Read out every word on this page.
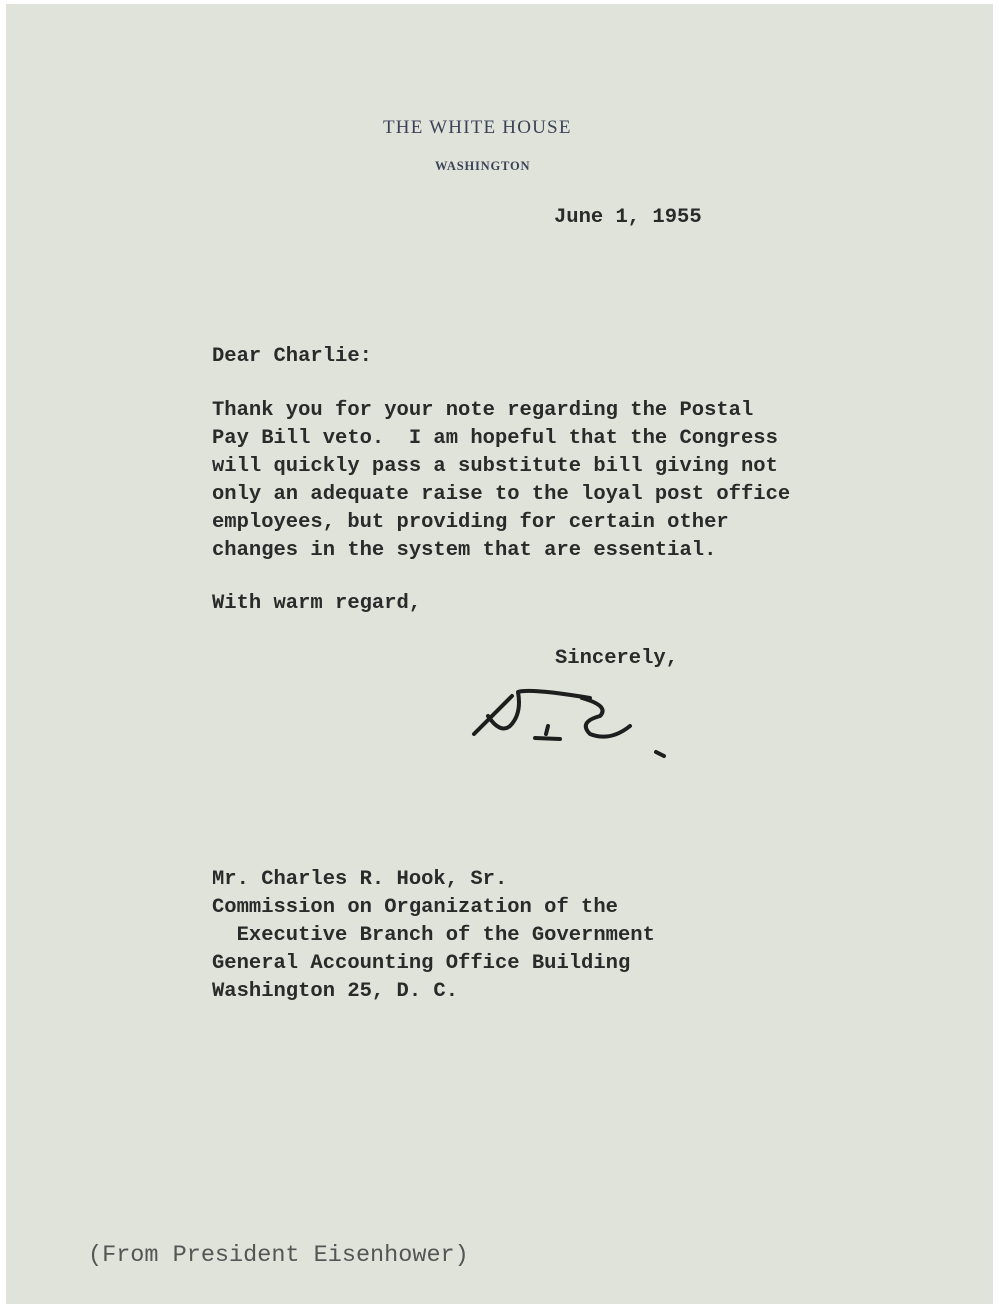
THE WHITE HOUSE
WASHINGTON
June 1, 1955
Dear Charlie:
Thank you for your note regarding the Postal
Pay Bill veto.  I am hopeful that the Congress
will quickly pass a substitute bill giving not
only an adequate raise to the loyal post office
employees, but providing for certain other
changes in the system that are essential.
With warm regard,
Sincerely,
Mr. Charles R. Hook, Sr.
Commission on Organization of the
Executive Branch of the Government
General Accounting Office Building
Washington 25, D. C.
(From President Eisenhower)
